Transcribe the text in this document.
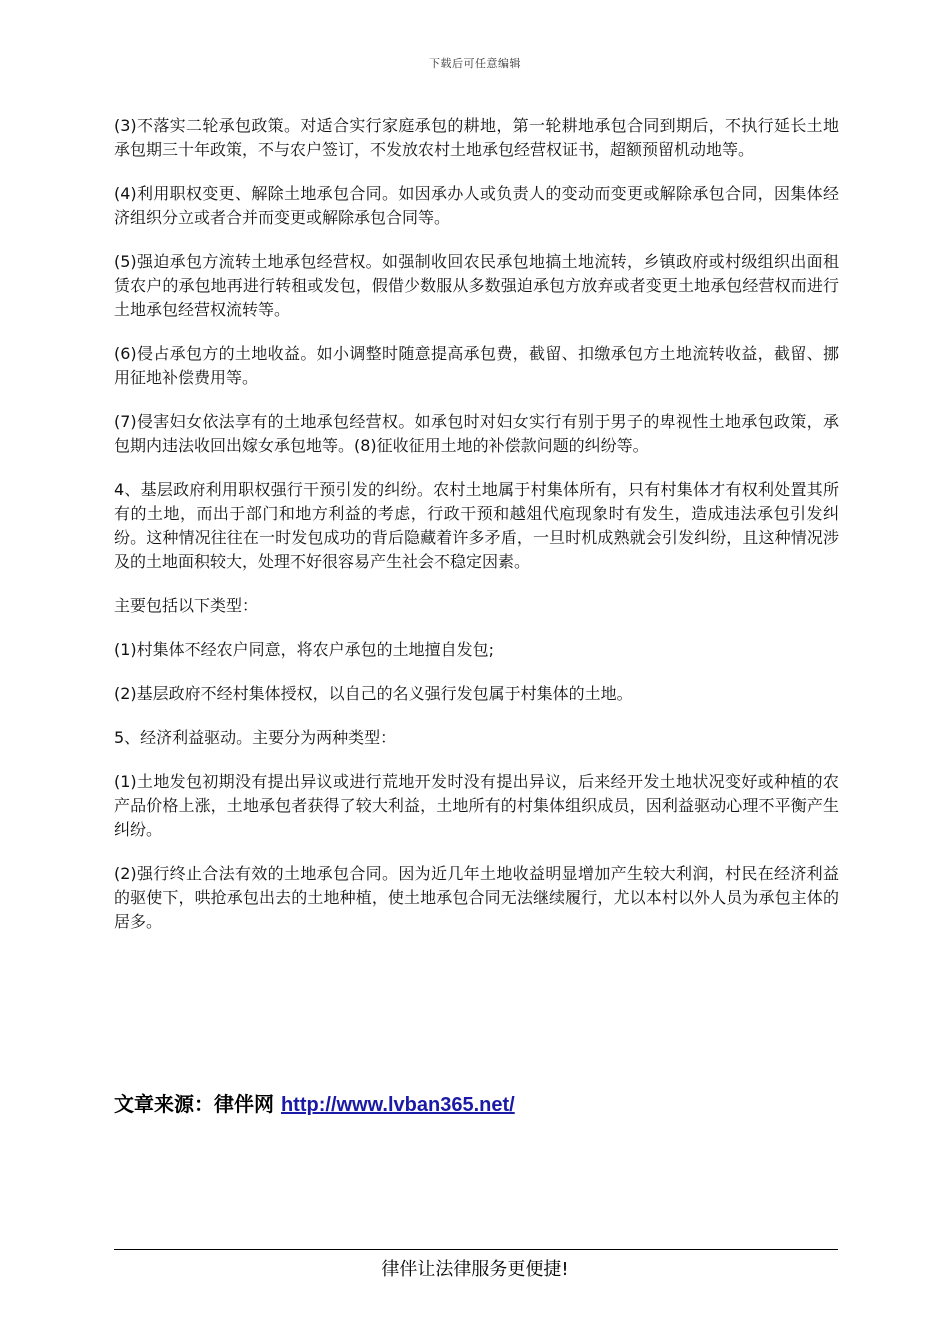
下载后可任意编辑

(3)不落实二轮承包政策。对适合实行家庭承包的耕地，第一轮耕地承包合同到期后，不执行延长土地承包期三十年政策，不与农户签订，不发放农村土地承包经营权证书，超额预留机动地等。

(4)利用职权变更、解除土地承包合同。如因承办人或负责人的变动而变更或解除承包合同，因集体经济组织分立或者合并而变更或解除承包合同等。

(5)强迫承包方流转土地承包经营权。如强制收回农民承包地搞土地流转，乡镇政府或村级组织出面租赁农户的承包地再进行转租或发包，假借少数服从多数强迫承包方放弃或者变更土地承包经营权而进行土地承包经营权流转等。

(6)侵占承包方的土地收益。如小调整时随意提高承包费，截留、扣缴承包方土地流转收益，截留、挪用征地补偿费用等。

(7)侵害妇女依法享有的土地承包经营权。如承包时对妇女实行有别于男子的卑视性土地承包政策，承包期内违法收回出嫁女承包地等。(8)征收征用土地的补偿款问题的纠纷等。

4、基层政府利用职权强行干预引发的纠纷。农村土地属于村集体所有，只有村集体才有权利处置其所有的土地，而出于部门和地方利益的考虑，行政干预和越俎代庖现象时有发生，造成违法承包引发纠纷。这种情况往往在一时发包成功的背后隐藏着许多矛盾，一旦时机成熟就会引发纠纷，且这种情况涉及的土地面积较大，处理不好很容易产生社会不稳定因素。

主要包括以下类型：

(1)村集体不经农户同意，将农户承包的土地擅自发包;

(2)基层政府不经村集体授权，以自己的名义强行发包属于村集体的土地。

5、经济利益驱动。主要分为两种类型：

(1)土地发包初期没有提出异议或进行荒地开发时没有提出异议，后来经开发土地状况变好或种植的农产品价格上涨，土地承包者获得了较大利益，土地所有的村集体组织成员，因利益驱动心理不平衡产生纠纷。

(2)强行终止合法有效的土地承包合同。因为近几年土地收益明显增加产生较大利润，村民在经济利益的驱使下，哄抢承包出去的土地种植，使土地承包合同无法继续履行，尤以本村以外人员为承包主体的居多。

文章来源：律伴网 http://www.lvban365.net/
律伴让法律服务更便捷!
